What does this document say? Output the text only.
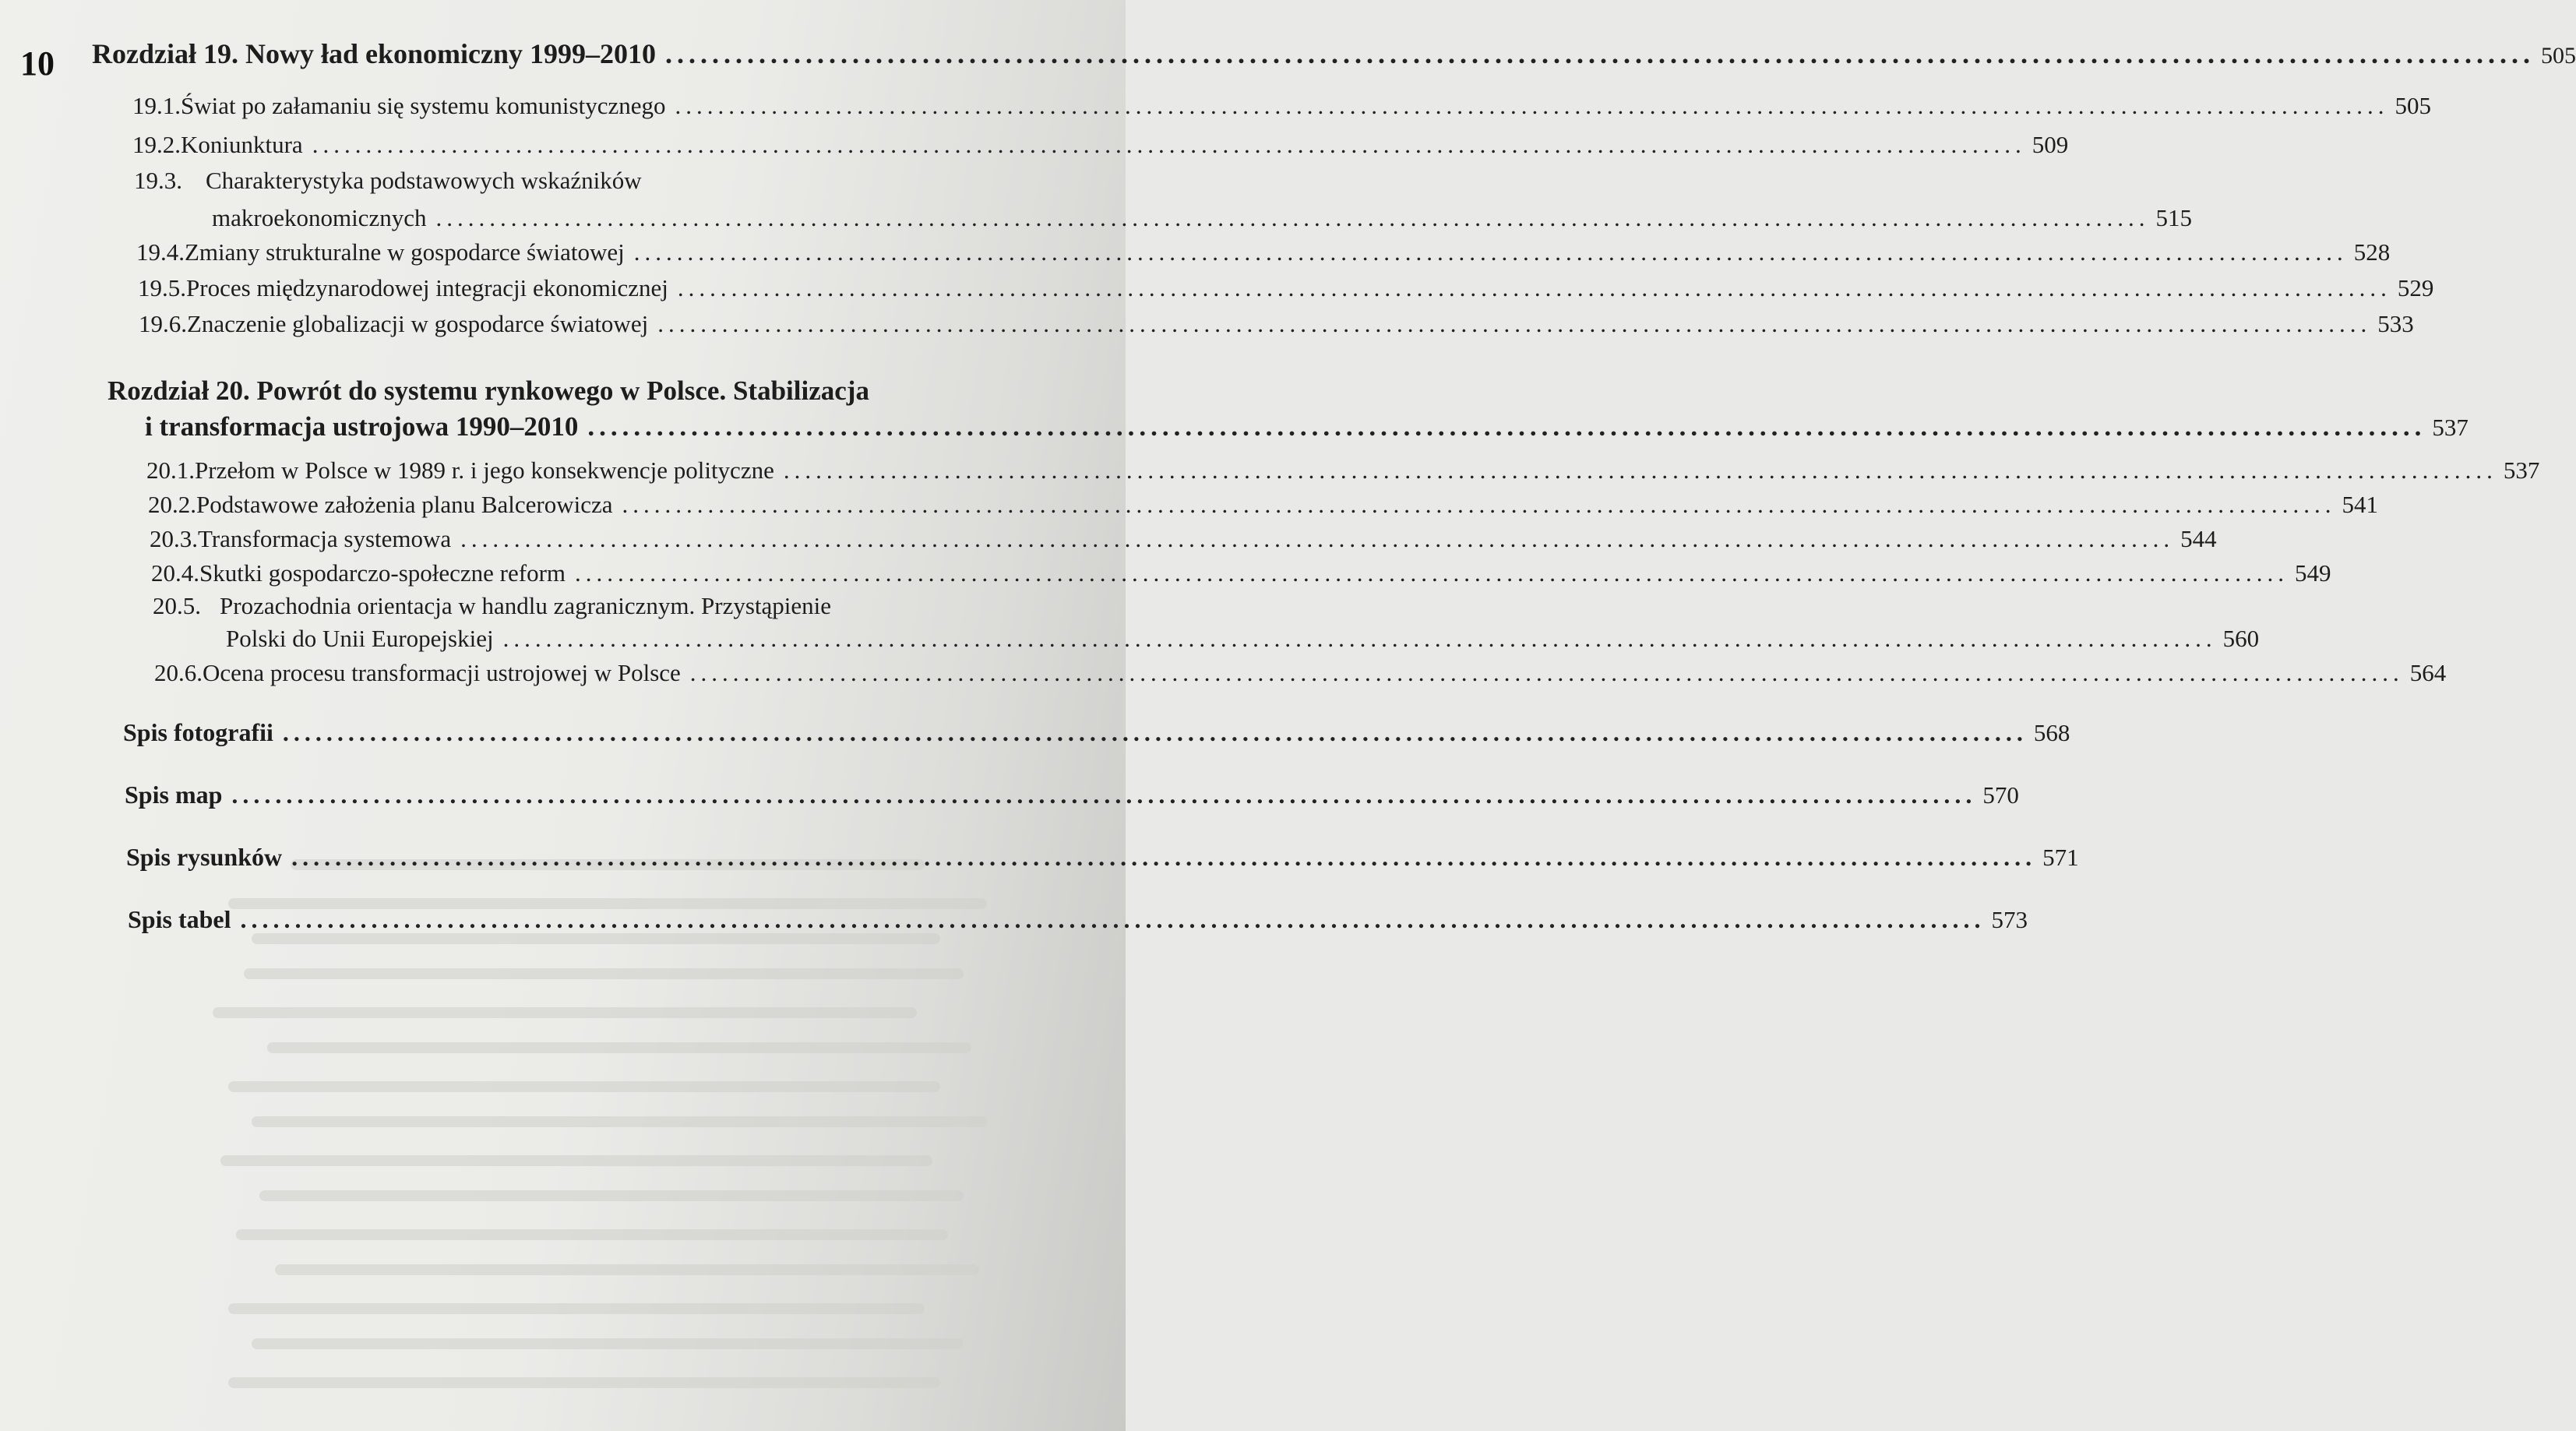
10 Rozdział 19. Nowy ład ekonomiczny 1999–2010 ................................................................................................................................................................ 505
19.1. Świat po załamaniu się systemu komunistycznego ................................................................................................................................................................ 505
19.2. Koniunktura ................................................................................................................................................................ 509
19.3. Charakterystyka podstawowych wskaźników
makroekonomicznych ................................................................................................................................................................ 515
19.4. Zmiany strukturalne w gospodarce światowej ................................................................................................................................................................ 528
19.5. Proces międzynarodowej integracji ekonomicznej ................................................................................................................................................................ 529
19.6. Znaczenie globalizacji w gospodarce światowej ................................................................................................................................................................ 533
Rozdział 20. Powrót do systemu rynkowego w Polsce. Stabilizacja
i transformacja ustrojowa 1990–2010 ................................................................................................................................................................ 537
20.1. Przełom w Polsce w 1989 r. i jego konsekwencje polityczne ................................................................................................................................................................ 537
20.2. Podstawowe założenia planu Balcerowicza ................................................................................................................................................................ 541
20.3. Transformacja systemowa ................................................................................................................................................................ 544
20.4. Skutki gospodarczo-społeczne reform ................................................................................................................................................................ 549
20.5. Prozachodnia orientacja w handlu zagranicznym. Przystąpienie
Polski do Unii Europejskiej ................................................................................................................................................................ 560
20.6. Ocena procesu transformacji ustrojowej w Polsce ................................................................................................................................................................ 564
Spis fotografii ................................................................................................................................................................ 568
Spis map ................................................................................................................................................................ 570
Spis rysunków ................................................................................................................................................................ 571
Spis tabel ................................................................................................................................................................ 573
